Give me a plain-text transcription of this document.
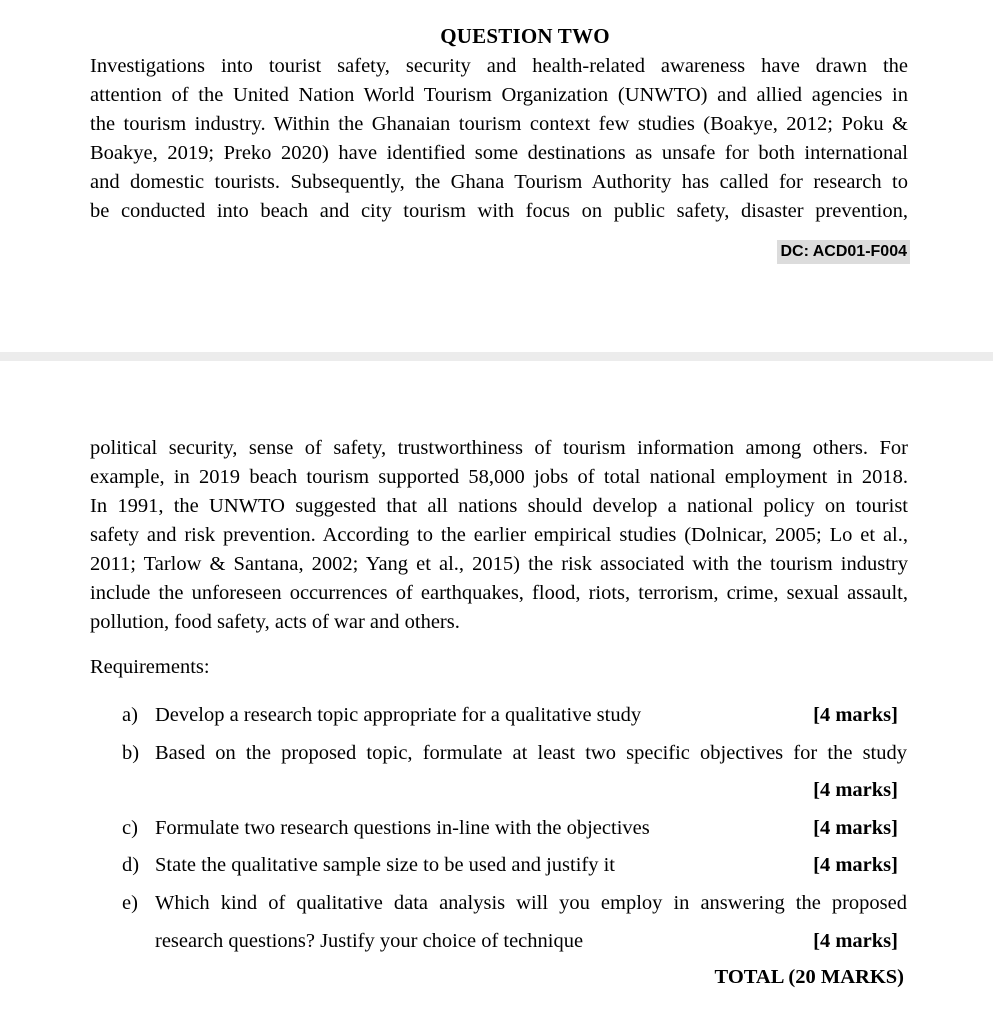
QUESTION TWO
Investigations into tourist safety, security and health-related awareness have drawn the
attention of the United Nation World Tourism Organization (UNWTO) and allied agencies in
the tourism industry. Within the Ghanaian tourism context few studies (Boakye, 2012; Poku &
Boakye, 2019; Preko 2020) have identified some destinations as unsafe for both international
and domestic tourists. Subsequently, the Ghana Tourism Authority has called for research to
be conducted into beach and city tourism with focus on public safety, disaster prevention,
DC: ACD01-F004
political security, sense of safety, trustworthiness of tourism information among others. For
example, in 2019 beach tourism supported 58,000 jobs of total national employment in 2018.
In 1991, the UNWTO suggested that all nations should develop a national policy on tourist
safety and risk prevention. According to the earlier empirical studies (Dolnicar, 2005; Lo et al.,
2011; Tarlow & Santana, 2002; Yang et al., 2015) the risk associated with the tourism industry
include the unforeseen occurrences of earthquakes, flood, riots, terrorism, crime, sexual assault,
pollution, food safety, acts of war and others.
Requirements:
a) Develop a research topic appropriate for a qualitative study	[4 marks]
b) Based on the proposed topic, formulate at least two specific objectives for the study
[4 marks]
c) Formulate two research questions in-line with the objectives	[4 marks]
d) State the qualitative sample size to be used and justify it	[4 marks]
e) Which kind of qualitative data analysis will you employ in answering the proposed
research questions? Justify your choice of technique	[4 marks]
TOTAL (20 MARKS)
